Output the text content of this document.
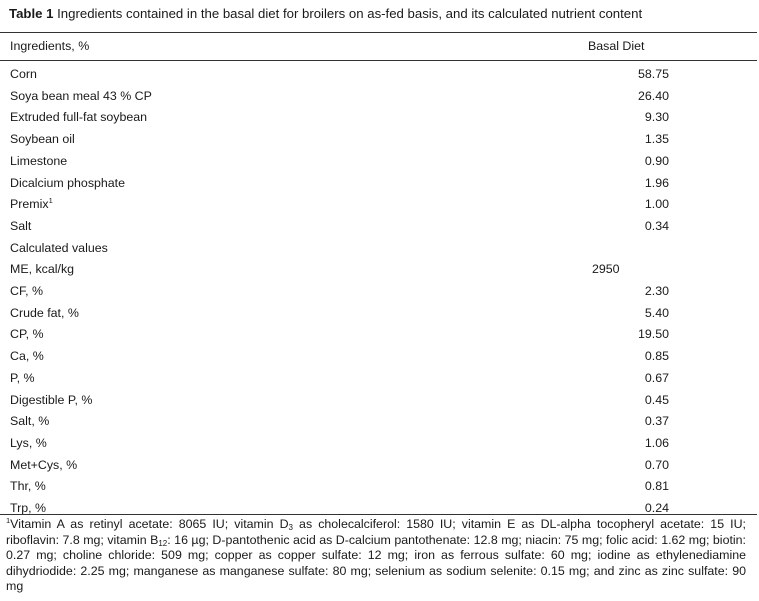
Table 1 Ingredients contained in the basal diet for broilers on as-fed basis, and its calculated nutrient content
Ingredients, %	Basal Diet
Corn	58.75
Soya bean meal 43 % CP	26.40
Extruded full-fat soybean	9.30
Soybean oil	1.35
Limestone	0.90
Dicalcium phosphate	1.96
Premix$^1$	1.00
Salt	0.34
Calculated values
ME, kcal/kg	2950
CF, %	2.30
Crude fat, %	5.40
CP, %	19.50
Ca, %	0.85
P, %	0.67
Digestible P, %	0.45
Salt, %	0.37
Lys, %	1.06
Met+Cys, %	0.70
Thr, %	0.81
Trp, %	0.24
$^1$Vitamin A as retinyl acetate: 8065 IU; vitamin $D_3$ as cholecalciferol: 1580 IU; vitamin E as DL-alpha tocopheryl acetate: 15 IU; riboflavin: 7.8 mg; vitamin $B_{12}$: 16 µg; D-pantothenic acid as D-calcium pantothenate: 12.8 mg; niacin: 75 mg; folic acid: 1.62 mg; biotin: 0.27 mg; choline chloride: 509 mg; copper as copper sulfate: 12 mg; iron as ferrous sulfate: 60 mg; iodine as ethylenediamine dihydriodide: 2.25 mg; manganese as manganese sulfate: 80 mg; selenium as sodium selenite: 0.15 mg; and zinc as zinc sulfate: 90 mg
